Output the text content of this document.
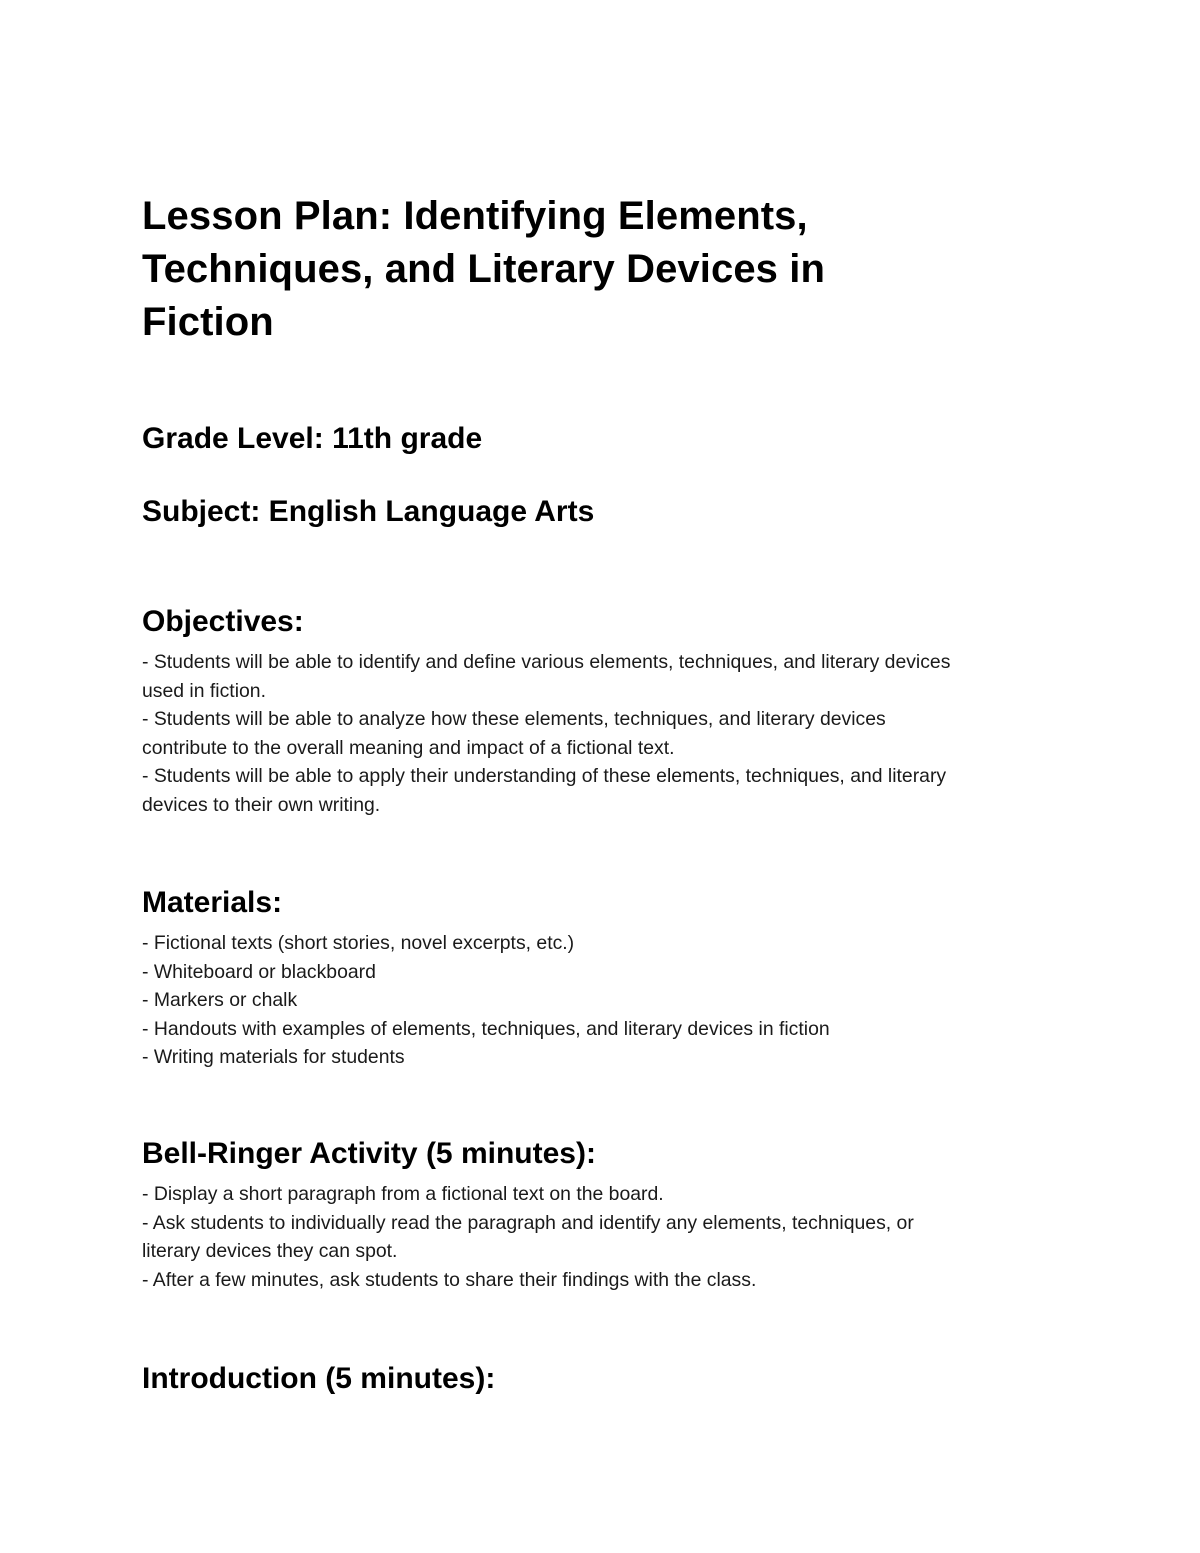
Lesson Plan: Identifying Elements,
Techniques, and Literary Devices in
Fiction
Grade Level: 11th grade
Subject: English Language Arts
Objectives:
- Students will be able to identify and define various elements, techniques, and literary devices
used in fiction.
- Students will be able to analyze how these elements, techniques, and literary devices
contribute to the overall meaning and impact of a fictional text.
- Students will be able to apply their understanding of these elements, techniques, and literary
devices to their own writing.
Materials:
- Fictional texts (short stories, novel excerpts, etc.)
- Whiteboard or blackboard
- Markers or chalk
- Handouts with examples of elements, techniques, and literary devices in fiction
- Writing materials for students
Bell-Ringer Activity (5 minutes):
- Display a short paragraph from a fictional text on the board.
- Ask students to individually read the paragraph and identify any elements, techniques, or
literary devices they can spot.
- After a few minutes, ask students to share their findings with the class.
Introduction (5 minutes):
